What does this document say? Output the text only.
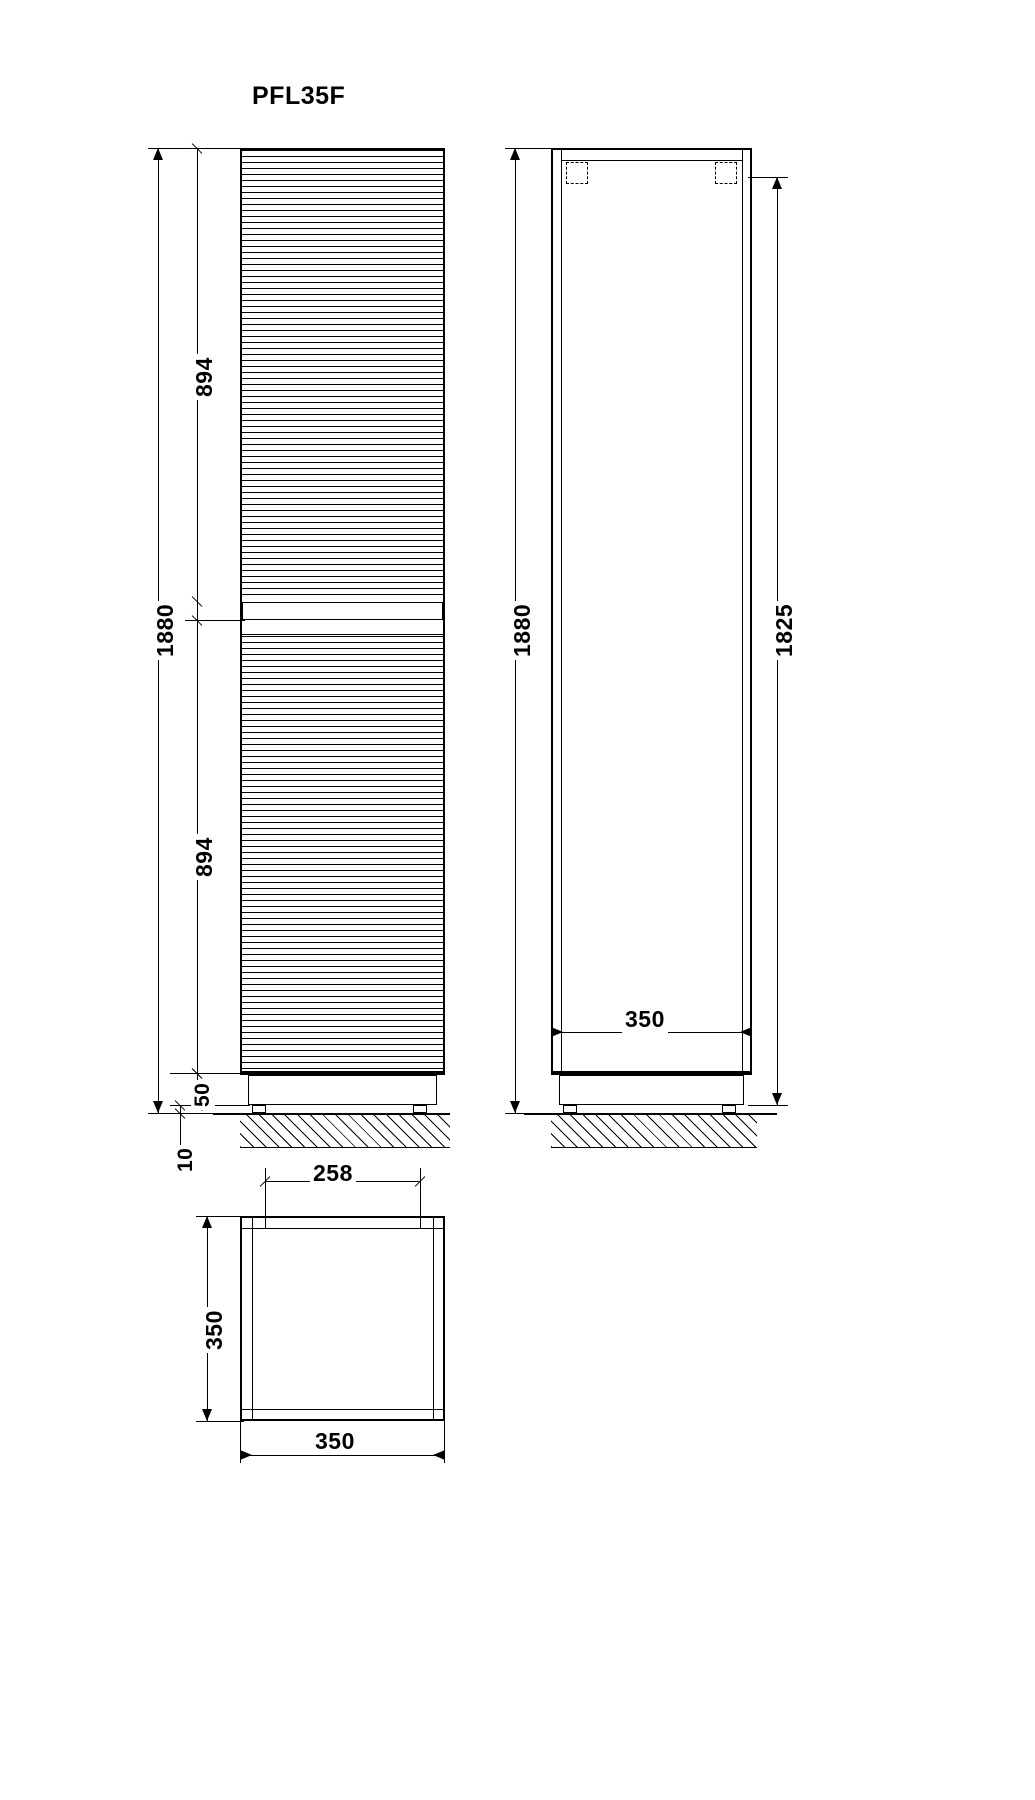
PFL35F
1880
894
894
50
10
1880	1825
350
258
350
350
